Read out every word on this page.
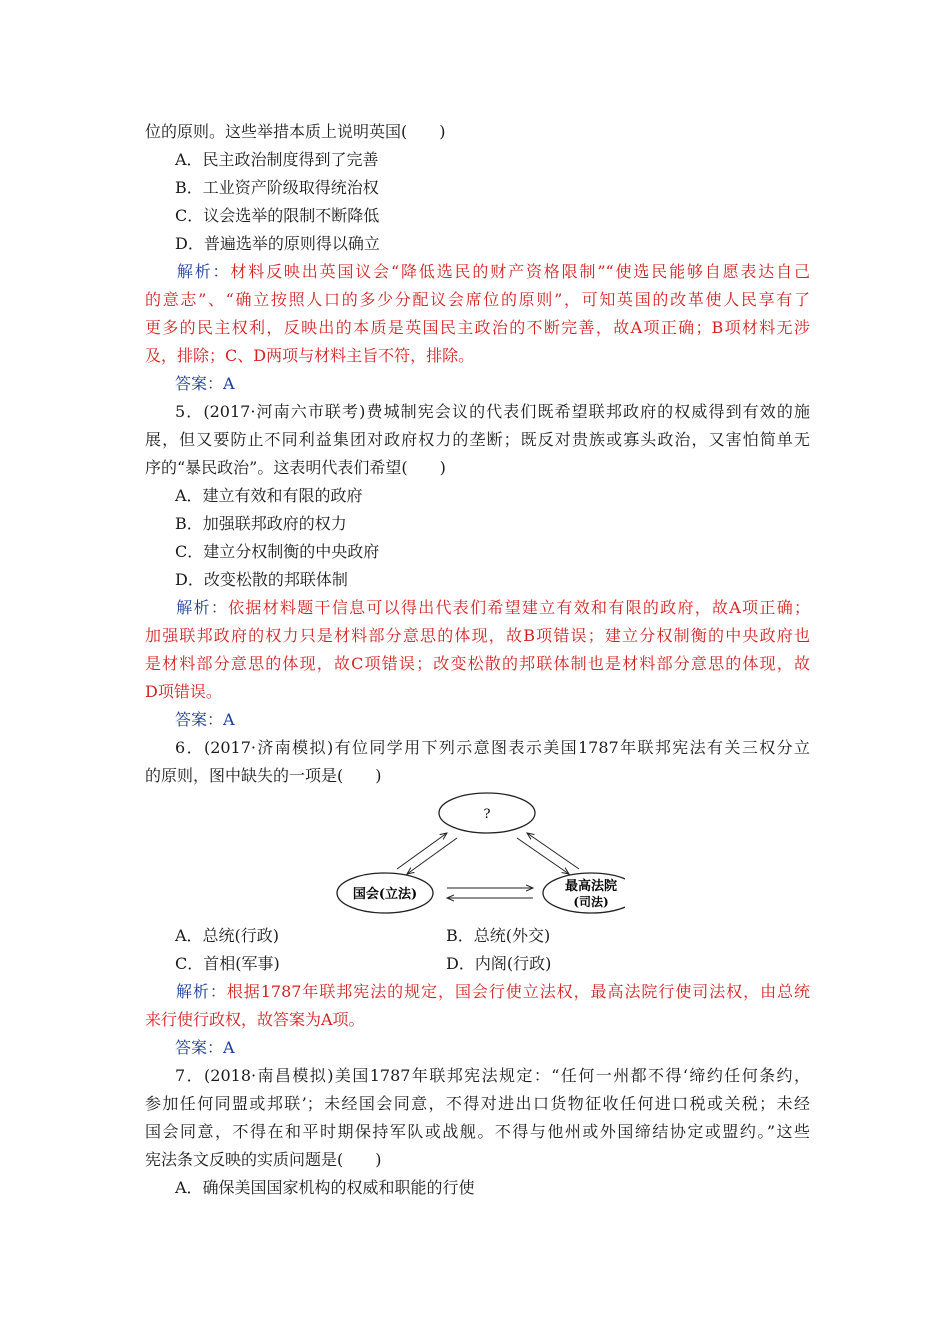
位的原则。这些举措本质上说明英国(　　)
A．民主政治制度得到了完善
B．工业资产阶级取得统治权
C．议会选举的限制不断降低
D．普遍选举的原则得以确立
解析：材料反映出英国议会“降低选民的财产资格限制”“使选民能够自愿表达自己
的意志”、“确立按照人口的多少分配议会席位的原则”，可知英国的改革使人民享有了
更多的民主权利，反映出的本质是英国民主政治的不断完善，故A项正确；B项材料无涉
及，排除；C、D两项与材料主旨不符，排除。
答案：A
5．(2017·河南六市联考)费城制宪会议的代表们既希望联邦政府的权威得到有效的施
展，但又要防止不同利益集团对政府权力的垄断；既反对贵族或寡头政治，又害怕简单无
序的“暴民政治”。这表明代表们希望(　　)
A．建立有效和有限的政府
B．加强联邦政府的权力
C．建立分权制衡的中央政府
D．改变松散的邦联体制
解析：依据材料题干信息可以得出代表们希望建立有效和有限的政府，故A项正确；
加强联邦政府的权力只是材料部分意思的体现，故B项错误；建立分权制衡的中央政府也
是材料部分意思的体现，故C项错误；改变松散的邦联体制也是材料部分意思的体现，故
D项错误。
答案：A
6．(2017·济南模拟)有位同学用下列示意图表示美国1787年联邦宪法有关三权分立
的原则，图中缺失的一项是(　　)
?
国会(立法)
最高法院
(司法)
A．总统(行政)	B．总统(外交)
C．首相(军事)	D．内阁(行政)
解析：根据1787年联邦宪法的规定，国会行使立法权，最高法院行使司法权，由总统
来行使行政权，故答案为A项。
答案：A
7．(2018·南昌模拟)美国1787年联邦宪法规定：“任何一州都不得‘缔约任何条约，
参加任何同盟或邦联’；未经国会同意，不得对进出口货物征收任何进口税或关税；未经
国会同意，不得在和平时期保持军队或战舰。不得与他州或外国缔结协定或盟约。”这些
宪法条文反映的实质问题是(　　)
A．确保美国国家机构的权威和职能的行使
